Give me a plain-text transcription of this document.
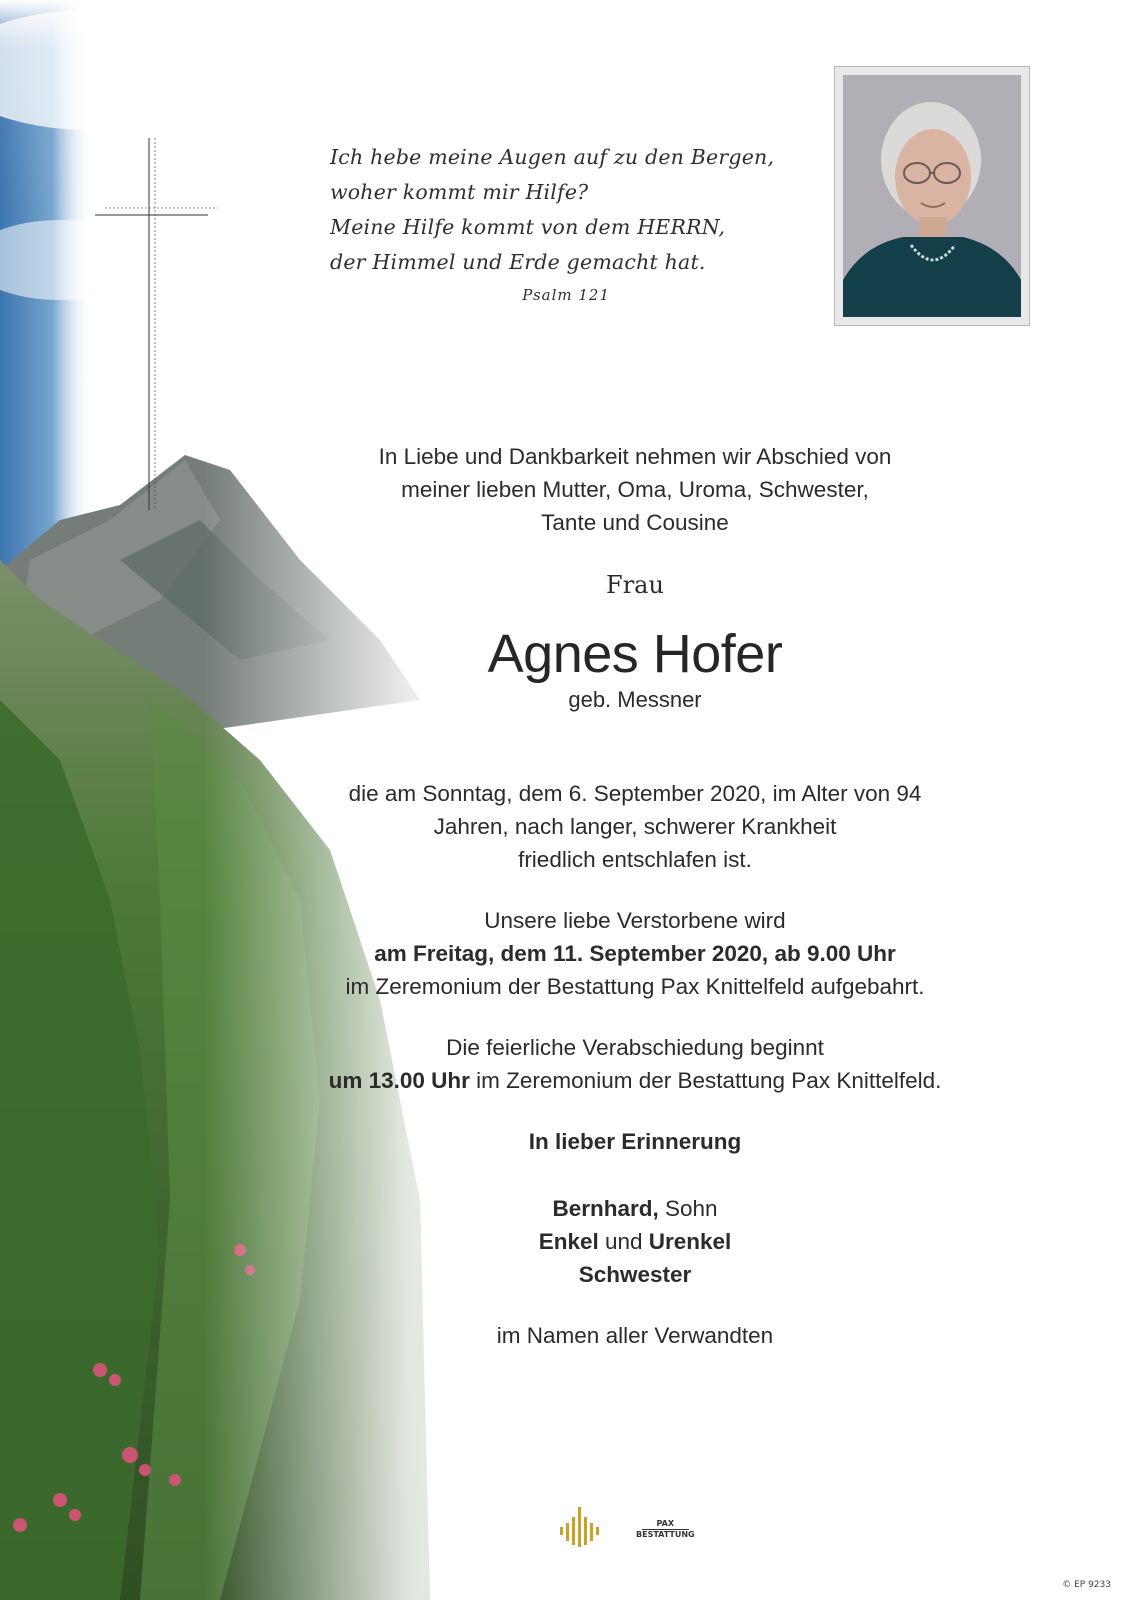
Ich hebe meine Augen auf zu den Bergen,
woher kommt mir Hilfe?
Meine Hilfe kommt von dem HERRN,
der Himmel und Erde gemacht hat.
Psalm 121

In Liebe und Dankbarkeit nehmen wir Abschied von
meiner lieben Mutter, Oma, Uroma, Schwester,
Tante und Cousine

Frau

Agnes Hofer

geb. Messner

die am Sonntag, dem 6. September 2020, im Alter von 94
Jahren, nach langer, schwerer Krankheit
friedlich entschlafen ist.

Unsere liebe Verstorbene wird
am Freitag, dem 11. September 2020, ab 9.00 Uhr
im Zeremonium der Bestattung Pax Knittelfeld aufgebahrt.

Die feierliche Verabschiedung beginnt
um 13.00 Uhr im Zeremonium der Bestattung Pax Knittelfeld.

In lieber Erinnerung

Bernhard, Sohn
Enkel und Urenkel
Schwester

im Namen aller Verwandten

PAX
BESTATTUNG
© EP 9233
